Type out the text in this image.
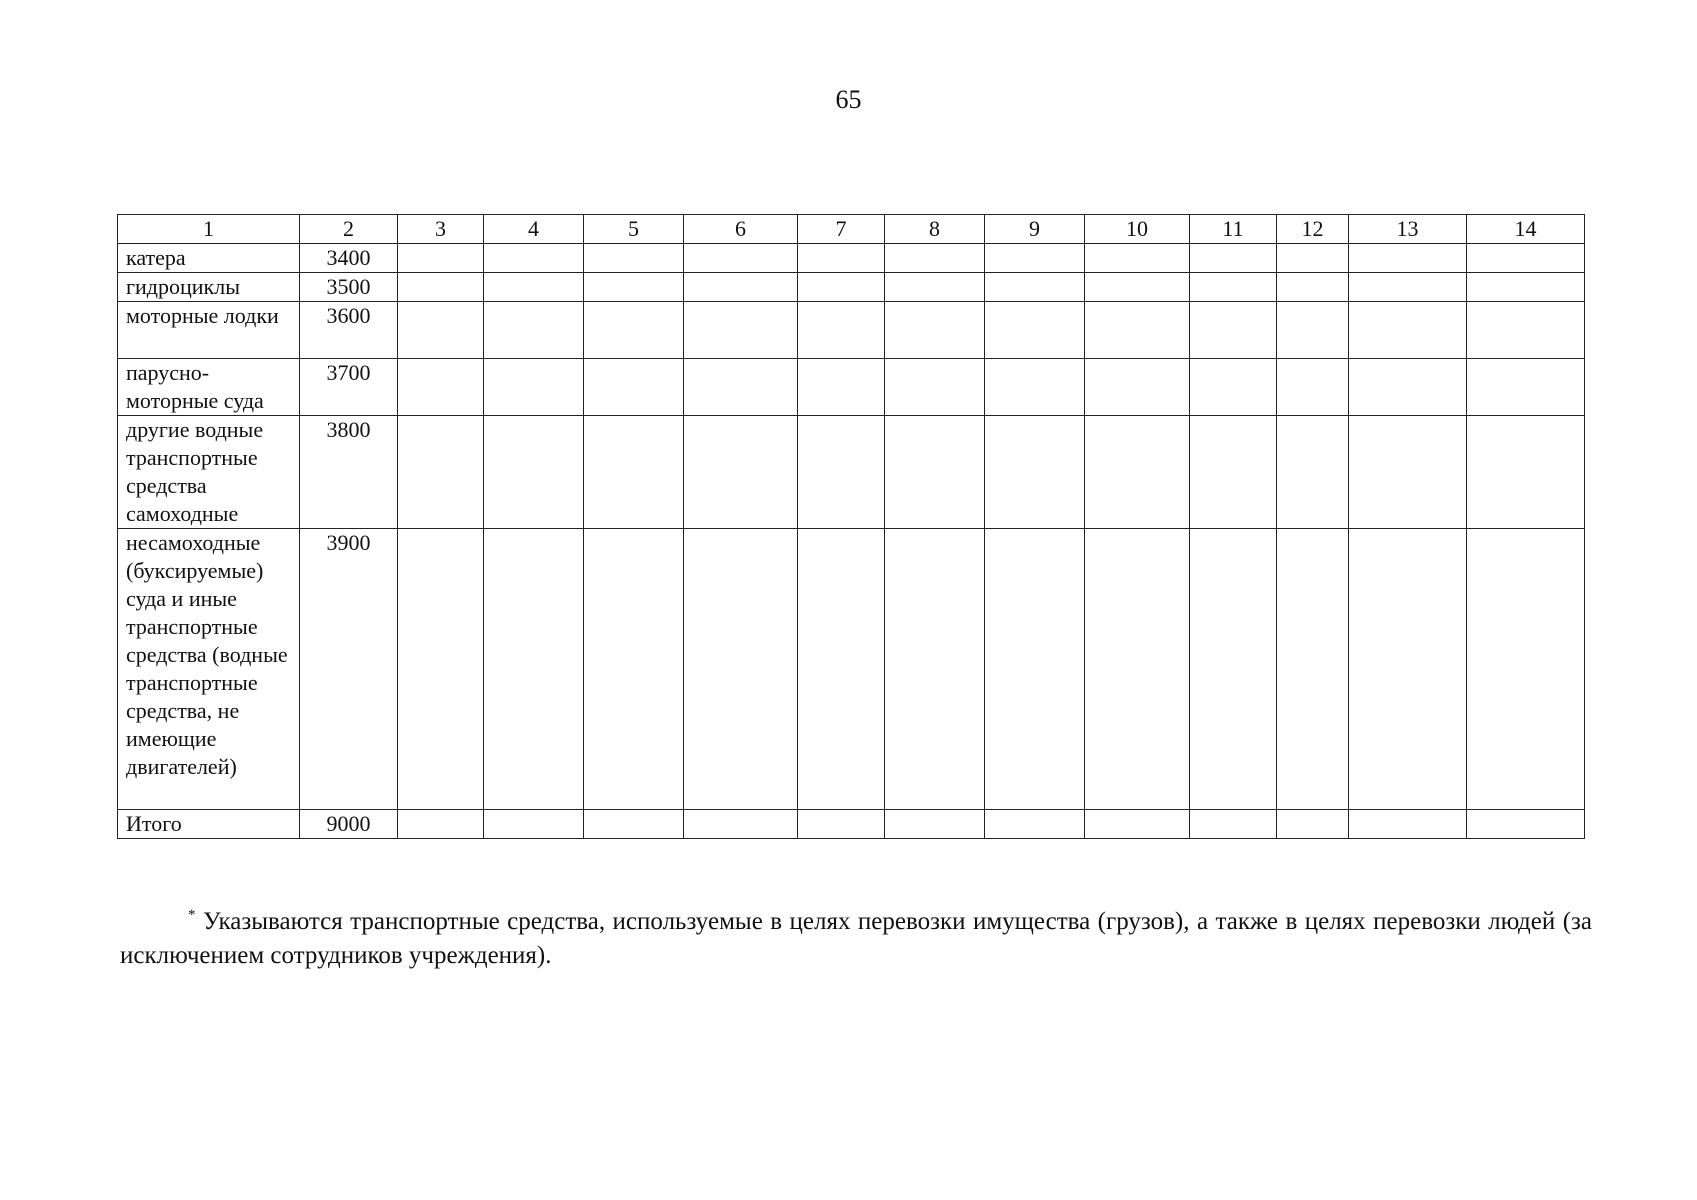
65
1	2	3	4	5	6	7	8	9	10	11	12	13	14
катера	3400												
гидроциклы	3500												
моторные лодки	3600												
парусно-моторные суда	3700												
другие водные транспортные средства самоходные	3800												
несамоходные (буксируемые) суда и иные транспортные средства (водные транспортные средства, не имеющие двигателей)	3900												
Итого	9000												

* Указываются транспортные средства, используемые в целях перевозки имущества (грузов), а также в целях перевозки людей (за исключением сотрудников учреждения).
